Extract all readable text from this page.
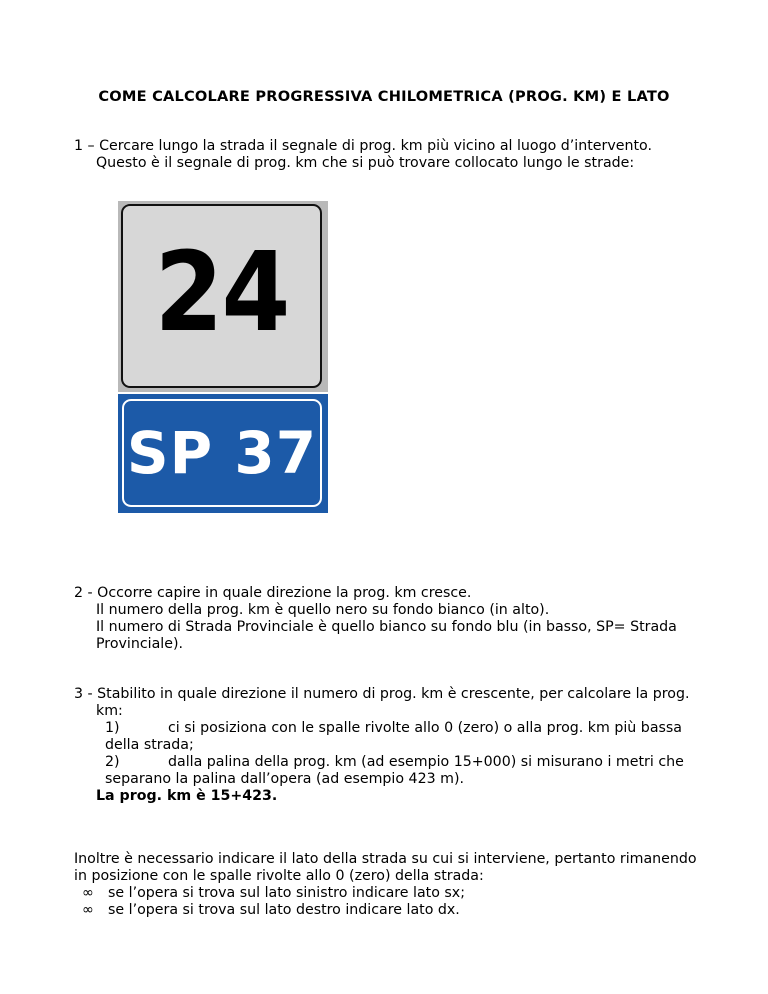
COME CALCOLARE PROGRESSIVA CHILOMETRICA (PROG. KM) E LATO
1 – Cercare lungo la strada il segnale di prog. km più vicino al luogo d’intervento.
Questo è il segnale di prog. km che si può trovare collocato lungo le strade:
24
SP 37
2 - Occorre capire in quale direzione la prog. km cresce.
Il numero della prog. km è quello nero su fondo bianco (in alto).
Il numero di Strada Provinciale è quello bianco su fondo blu (in basso, SP= Strada
Provinciale).
3 - Stabilito in quale direzione il numero di prog. km è crescente, per calcolare la prog.
km:
1)	ci si posiziona con le spalle rivolte allo 0 (zero) o alla prog. km più bassa
della strada;
2)	dalla palina della prog. km (ad esempio 15+000) si misurano i metri che
separano la palina dall’opera (ad esempio 423 m).
La prog. km è 15+423.
Inoltre è necessario indicare il lato della strada su cui si interviene, pertanto rimanendo
in posizione con le spalle rivolte allo 0 (zero) della strada:
∞ se l’opera si trova sul lato sinistro indicare lato sx;
∞ se l’opera si trova sul lato destro indicare lato dx.
